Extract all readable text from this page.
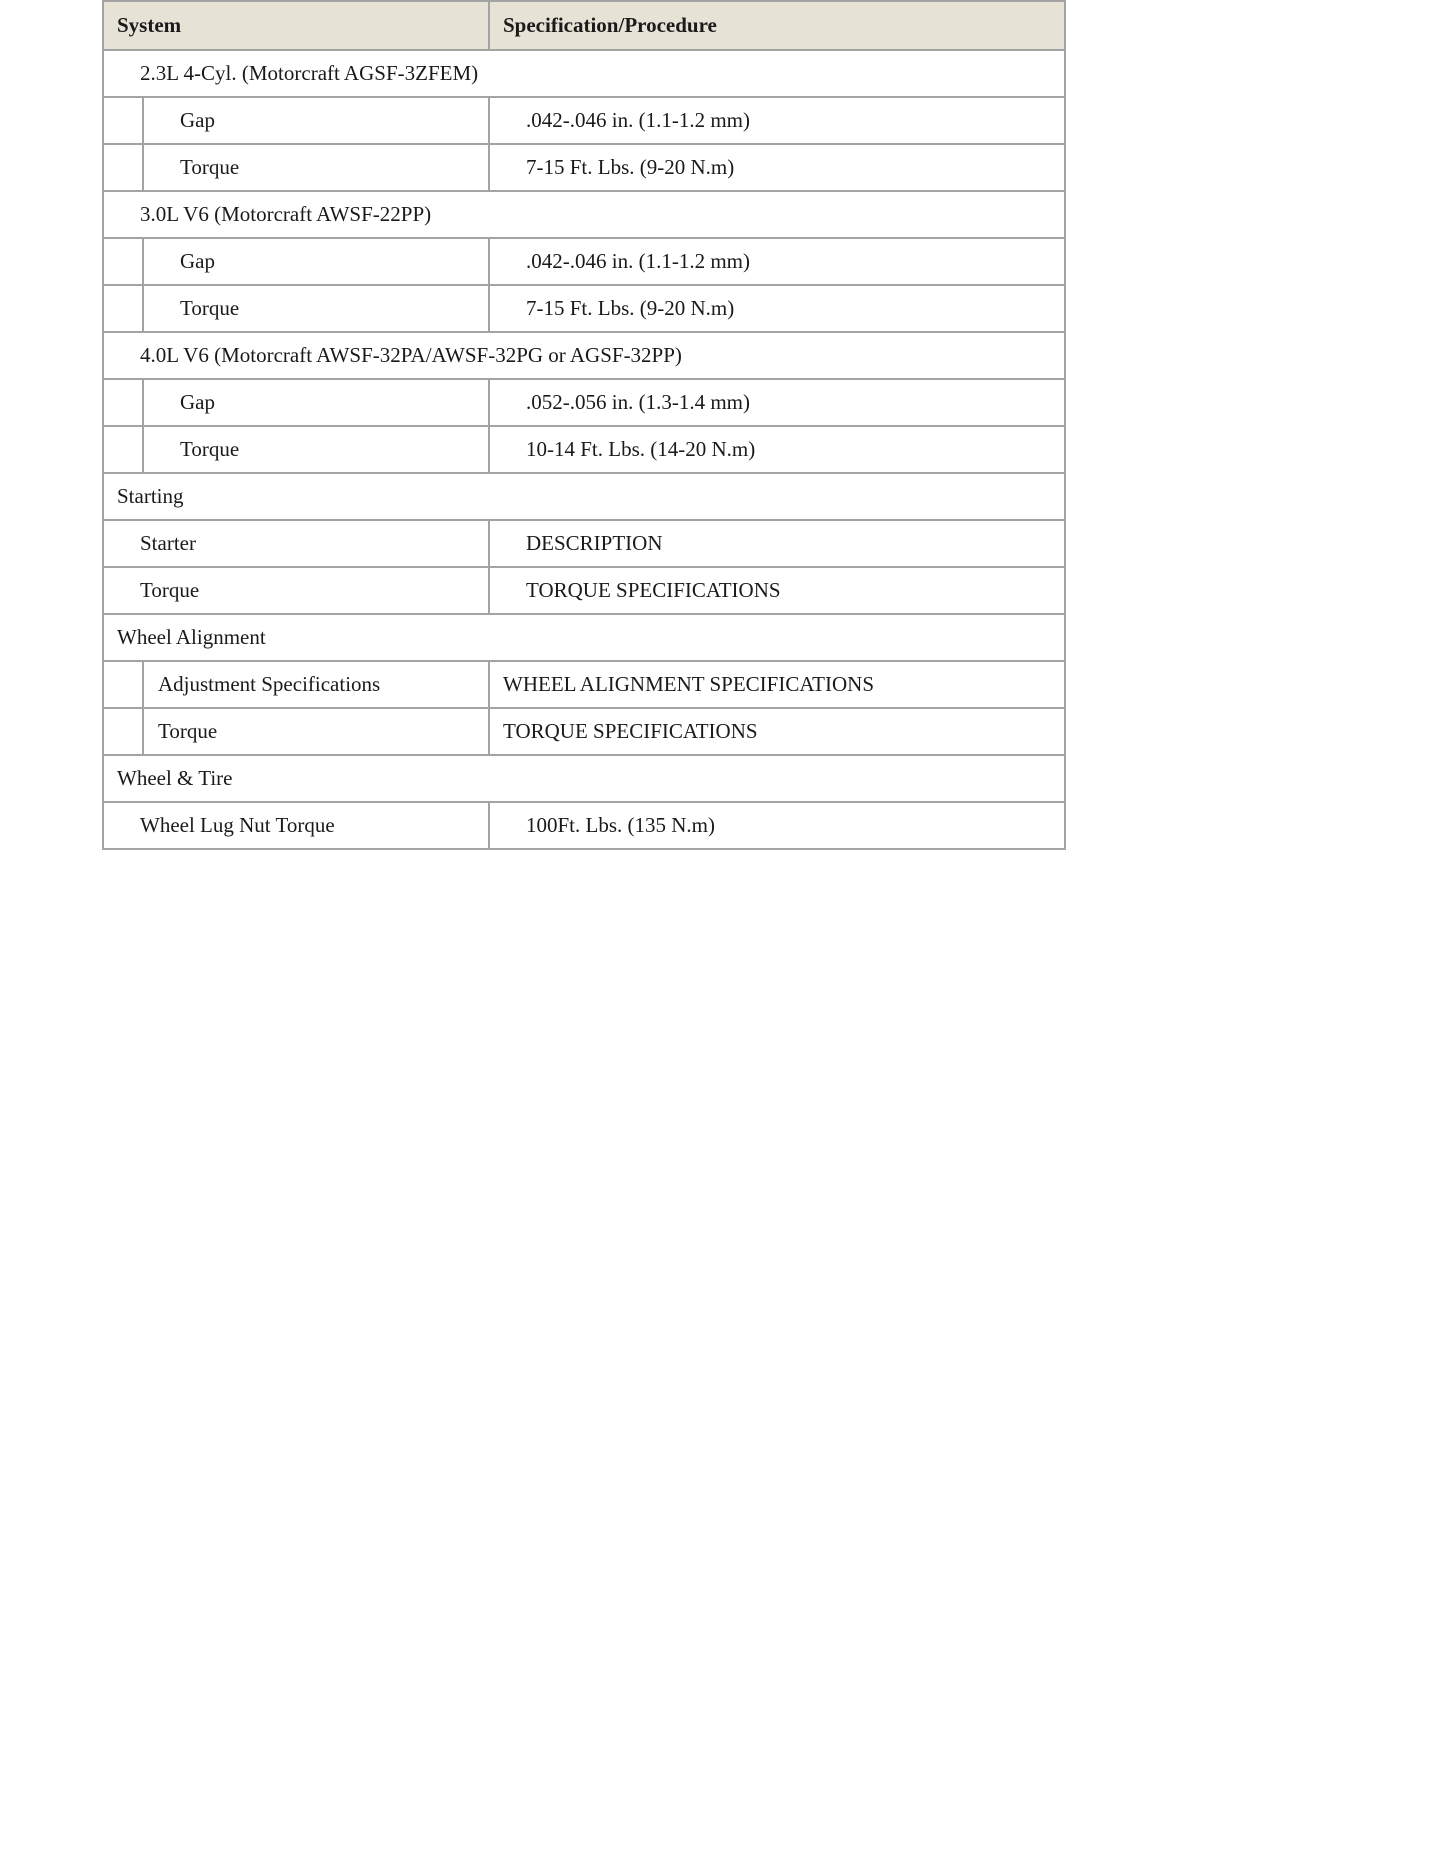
System	Specification/Procedure
2.3L 4-Cyl. (Motorcraft AGSF-3ZFEM)	

Gap	.042-.046 in. (1.1-1.2 mm)

Torque	7-15 Ft. Lbs. (9-20 N.m)
3.0L V6 (Motorcraft AWSF-22PP)	

Gap	.042-.046 in. (1.1-1.2 mm)

Torque	7-15 Ft. Lbs. (9-20 N.m)
4.0L V6 (Motorcraft AWSF-32PA/AWSF-32PG or AGSF-32PP)	

Gap	.052-.056 in. (1.3-1.4 mm)

Torque	10-14 Ft. Lbs. (14-20 N.m)
Starting	
Starter	DESCRIPTION
Torque	TORQUE SPECIFICATIONS
Wheel Alignment	

Adjustment Specifications	WHEEL ALIGNMENT SPECIFICATIONS

Torque	TORQUE SPECIFICATIONS
Wheel & Tire	
Wheel Lug Nut Torque	100Ft. Lbs. (135 N.m)
